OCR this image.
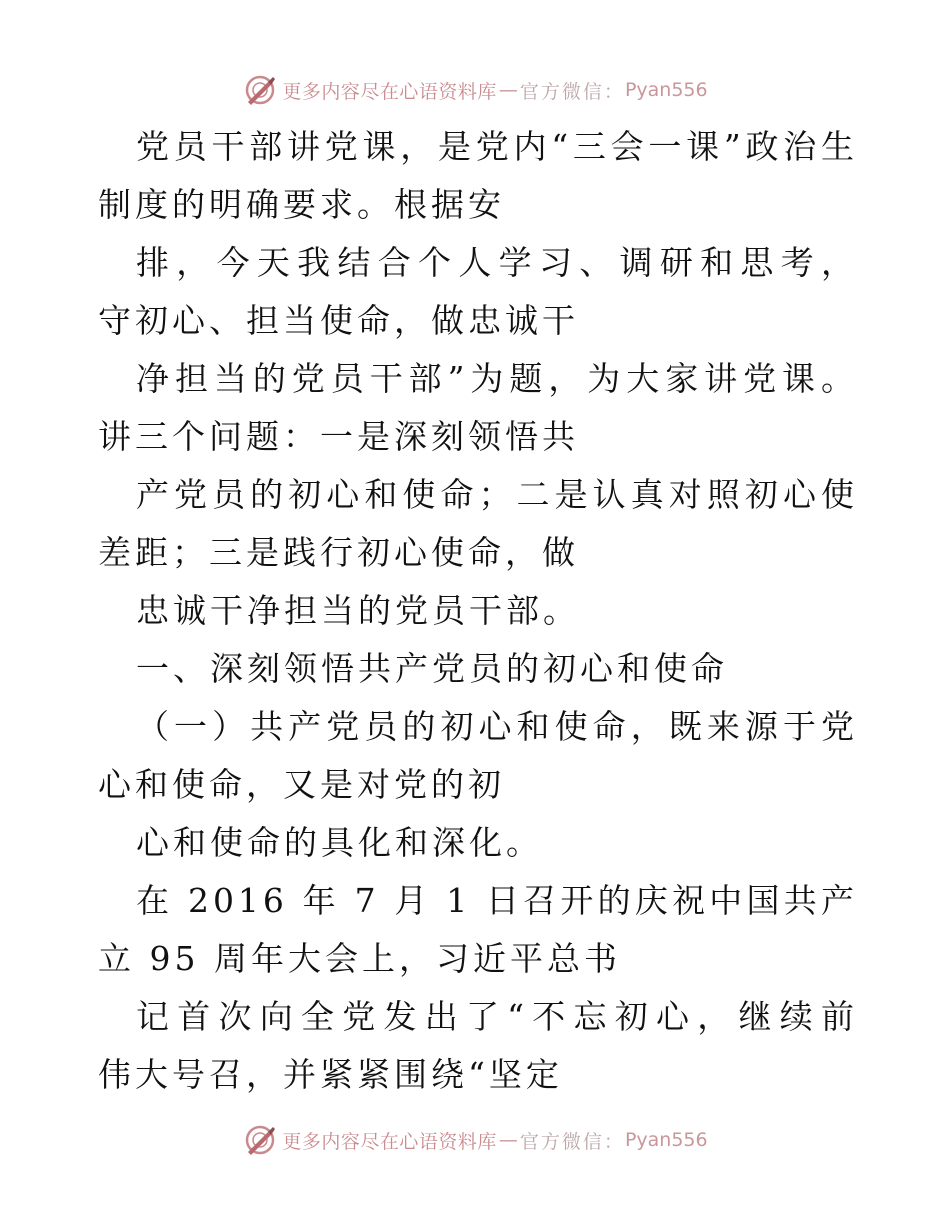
更多内容尽在心语资料库 — 官方微信： Pyan556
党员干部讲党课，是党内“三会一课”政治生
制度的明确要求。根据安
排，今天我结合个人学习、调研和思考，
守初心、担当使命，做忠诚干
净担当的党员干部”为题，为大家讲党课。
讲三个问题：一是深刻领悟共
产党员的初心和使命；二是认真对照初心使
差距；三是践行初心使命，做
忠诚干净担当的党员干部。
一、深刻领悟共产党员的初心和使命
（一）共产党员的初心和使命，既来源于党
心和使命，又是对党的初
心和使命的具化和深化。
在 2016 年 7 月 1 日召开的庆祝中国共产
立 95 周年大会上，习近平总书
记首次向全党发出了“不忘初心，继续前
伟大号召，并紧紧围绕“坚定
更多内容尽在心语资料库 — 官方微信： Pyan556
